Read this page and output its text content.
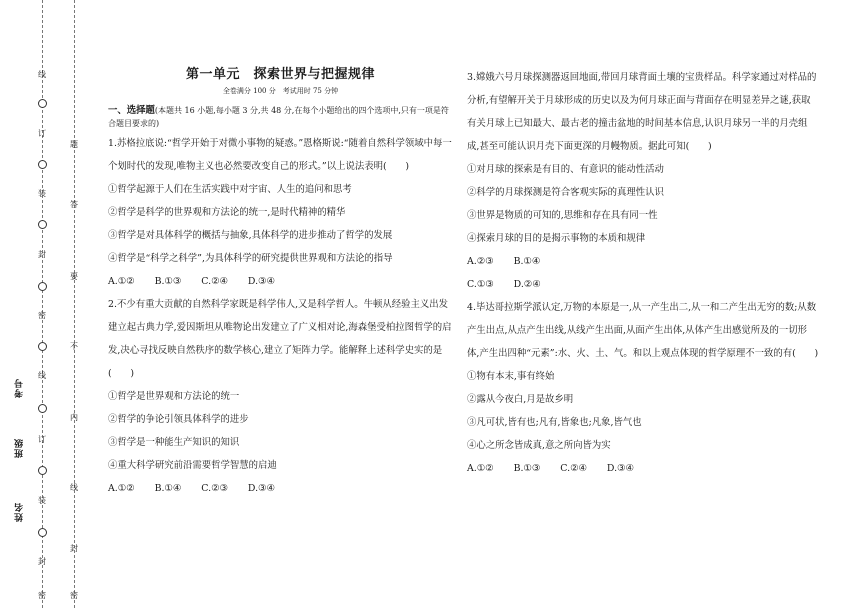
线
订
装
封
密
线
订
装
封
密
题
答
要
不
内
线
封
密
考号
班级
姓名

第一单元　探索世界与把握规律

全卷满分 100 分　考试用时 75 分钟

一、选择题(本题共 16 小题,每小题 3 分,共 48 分,在每个小题给出的四个选项中,只有一项是符合题目要求的)

1.苏格拉底说:“哲学开始于对微小事物的疑惑。”恩格斯说:“随着自然科学领域中每一个划时代的发现,唯物主义也必然要改变自己的形式。”以上说法表明(　　)

①哲学起源于人们在生活实践中对宇宙、人生的追问和思考

②哲学是科学的世界观和方法论的统一,是时代精神的精华

③哲学是对具体科学的概括与抽象,具体科学的进步推动了哲学的发展

④哲学是“科学之科学”,为具体科学的研究提供世界观和方法论的指导

A.①② B.①③ C.②④ D.③④

2.不少有重大贡献的自然科学家既是科学伟人,又是科学哲人。牛顿从经验主义出发建立起古典力学,爱因斯坦从唯物论出发建立了广义相对论,海森堡受柏拉图哲学的启发,决心寻找反映自然秩序的数学核心,建立了矩阵力学。能解释上述科学史实的是　(　　)

①哲学是世界观和方法论的统一

②哲学的争论引领具体科学的进步

③哲学是一种能生产知识的知识

④重大科学研究前沿需要哲学智慧的启迪

A.①② B.①④ C.②③ D.③④

3.嫦娥六号月球探测器返回地面,带回月球背面土壤的宝贵样品。科学家通过对样品的分析,有望解开关于月球形成的历史以及为何月球正面与背面存在明显差异之谜,获取有关月球上已知最大、最古老的撞击盆地的时间基本信息,认识月球另一半的月壳组成,甚至可能认识月壳下面更深的月幔物质。据此可知(　　)

①对月球的探索是有目的、有意识的能动性活动

②科学的月球探测是符合客观实际的真理性认识

③世界是物质的可知的,思维和存在具有同一性

④探索月球的目的是揭示事物的本质和规律

A.②③ B.①④

C.①③ D.②④

4.毕达哥拉斯学派认定,万物的本原是一,从一产生出二,从一和二产生出无穷的数;从数产生出点,从点产生出线,从线产生出面,从面产生出体,从体产生出感觉所及的一切形体,产生出四种“元素”:水、火、土、气。和以上观点体现的哲学原理不一致的有(　　)

①物有本末,事有终始

②露从今夜白,月是故乡明

③凡可状,皆有也;凡有,皆象也;凡象,皆气也

④心之所念皆成真,意之所向皆为实

A.①② B.①③ C.②④ D.③④
